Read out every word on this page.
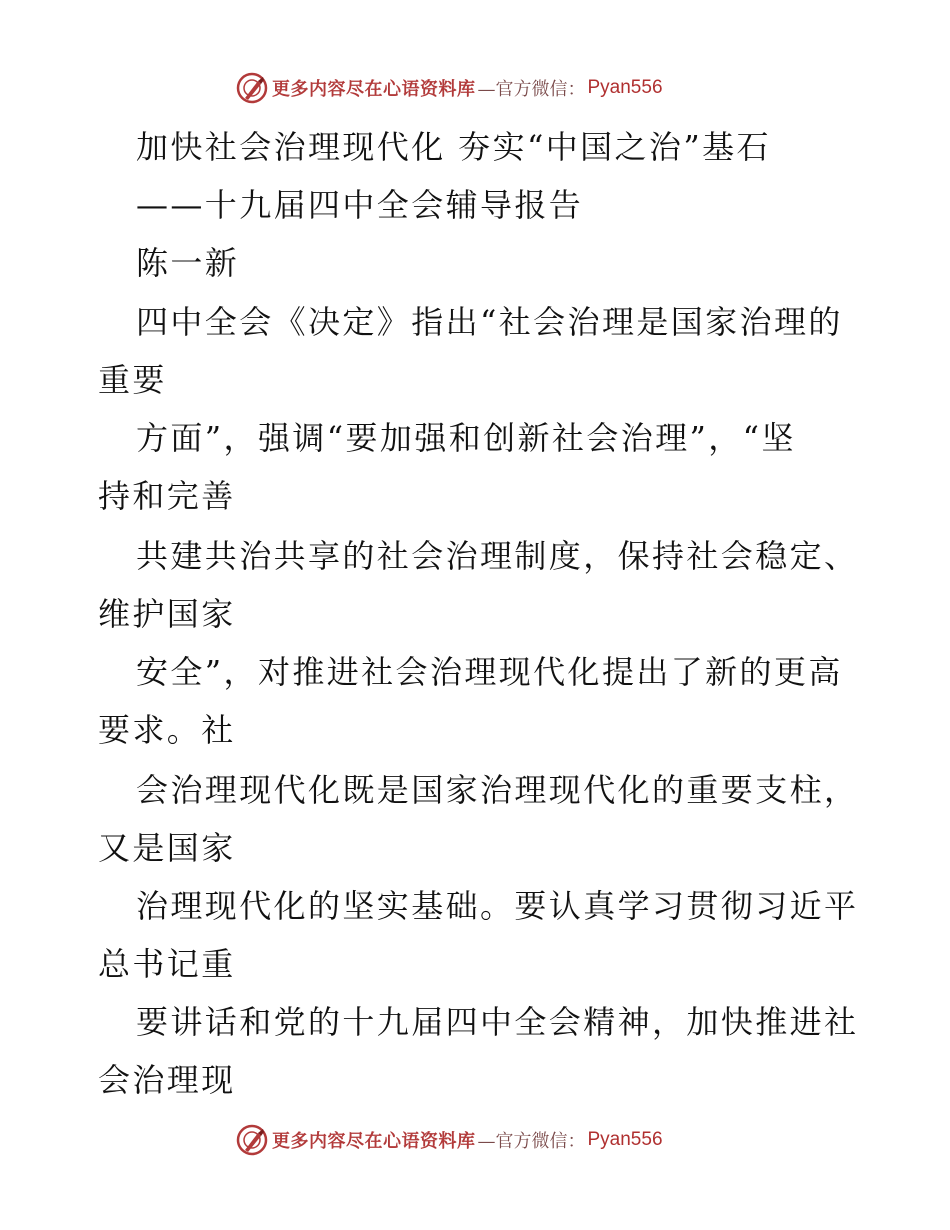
更多内容尽在心语资料库 —官方微信： Pyan556
加快社会治理现代化 夯实“中国之治”基石
——十九届四中全会辅导报告
陈一新
四中全会《决定》指出“社会治理是国家治理的
重要
方面”，强调“要加强和创新社会治理”，“坚
持和完善
共建共治共享的社会治理制度，保持社会稳定、
维护国家
安全”，对推进社会治理现代化提出了新的更高
要求。社
会治理现代化既是国家治理现代化的重要支柱，
又是国家
治理现代化的坚实基础。要认真学习贯彻习近平
总书记重
要讲话和党的十九届四中全会精神，加快推进社
会治理现
更多内容尽在心语资料库 —官方微信： Pyan556
